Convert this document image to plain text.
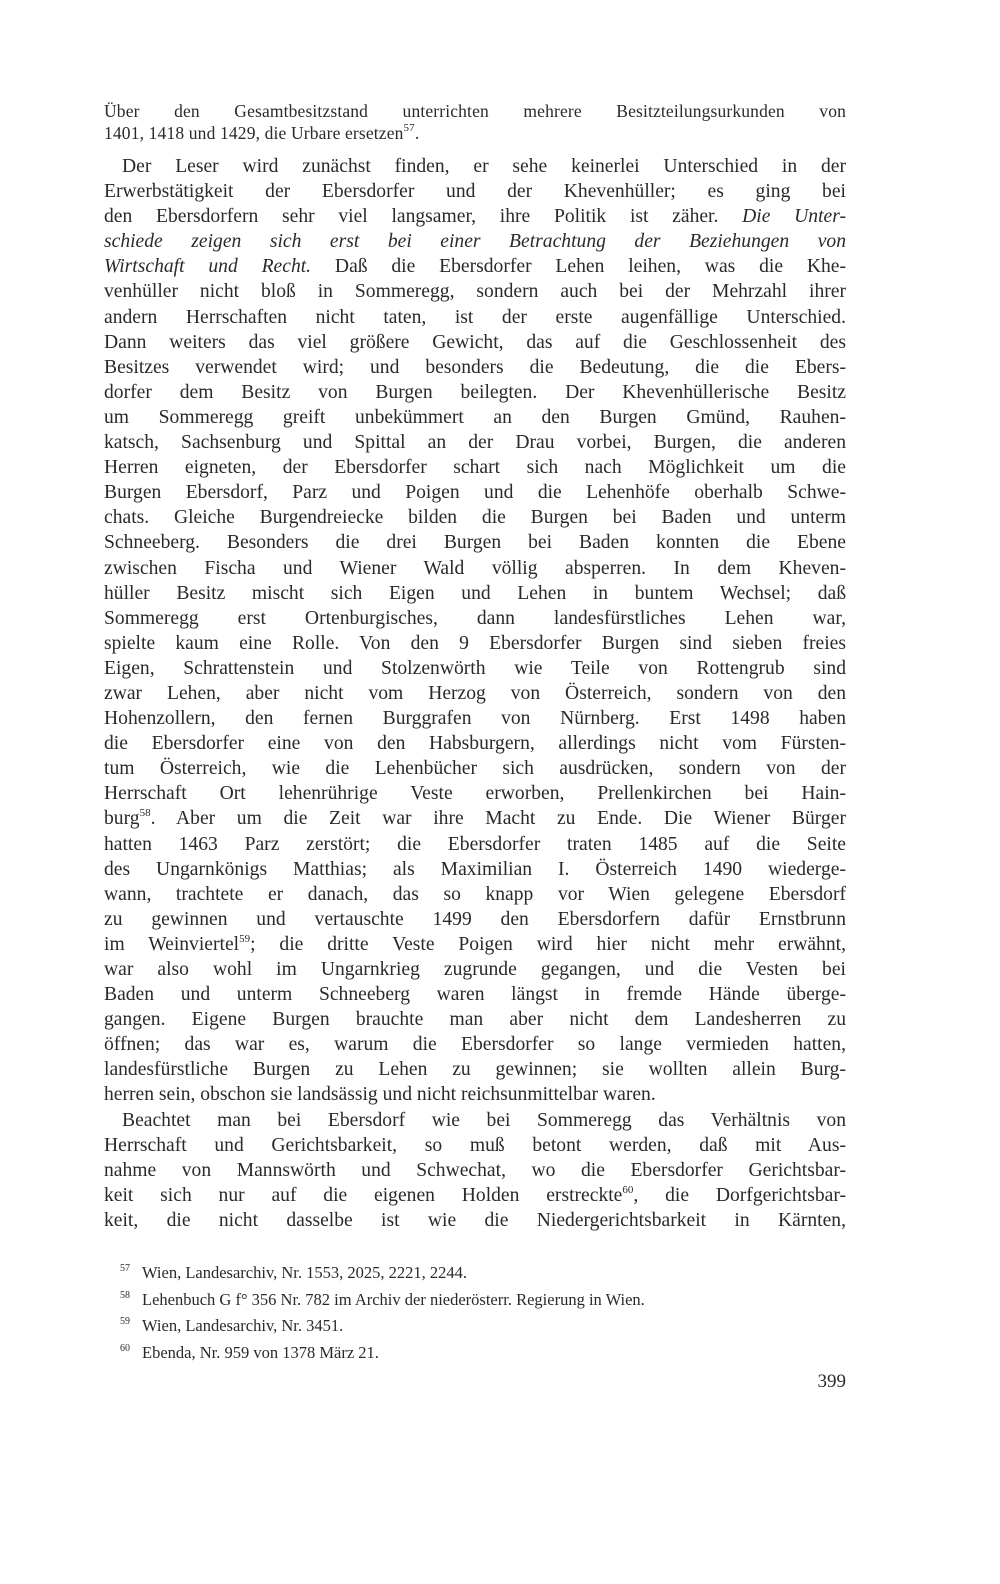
Über den Gesamtbesitzstand unterrichten mehrere Besitzteilungsurkunden von
1401, 1418 und 1429, die Urbare ersetzen$^{57}$.
Der Leser wird zunächst finden, er sehe keinerlei Unterschied in der
Erwerbstätigkeit der Ebersdorfer und der Khevenhüller; es ging bei
den Ebersdorfern sehr viel langsamer, ihre Politik ist zäher. Die Unter-
schiede zeigen sich erst bei einer Betrachtung der Beziehungen von
Wirtschaft und Recht. Daß die Ebersdorfer Lehen leihen, was die Khe-
venhüller nicht bloß in Sommeregg, sondern auch bei der Mehrzahl ihrer
andern Herrschaften nicht taten, ist der erste augenfällige Unterschied.
Dann weiters das viel größere Gewicht, das auf die Geschlossenheit des
Besitzes verwendet wird; und besonders die Bedeutung, die die Ebers-
dorfer dem Besitz von Burgen beilegten. Der Khevenhüllerische Besitz
um Sommeregg greift unbekümmert an den Burgen Gmünd, Rauhen-
katsch, Sachsenburg und Spittal an der Drau vorbei, Burgen, die anderen
Herren eigneten, der Ebersdorfer schart sich nach Möglichkeit um die
Burgen Ebersdorf, Parz und Poigen und die Lehenhöfe oberhalb Schwe-
chats. Gleiche Burgendreiecke bilden die Burgen bei Baden und unterm
Schneeberg. Besonders die drei Burgen bei Baden konnten die Ebene
zwischen Fischa und Wiener Wald völlig absperren. In dem Kheven-
hüller Besitz mischt sich Eigen und Lehen in buntem Wechsel; daß
Sommeregg erst Ortenburgisches, dann landesfürstliches Lehen war,
spielte kaum eine Rolle. Von den 9 Ebersdorfer Burgen sind sieben freies
Eigen, Schrattenstein und Stolzenwörth wie Teile von Rottengrub sind
zwar Lehen, aber nicht vom Herzog von Österreich, sondern von den
Hohenzollern, den fernen Burggrafen von Nürnberg. Erst 1498 haben
die Ebersdorfer eine von den Habsburgern, allerdings nicht vom Fürsten-
tum Österreich, wie die Lehenbücher sich ausdrücken, sondern von der
Herrschaft Ort lehenrührige Veste erworben, Prellenkirchen bei Hain-
burg$^{58}$. Aber um die Zeit war ihre Macht zu Ende. Die Wiener Bürger
hatten 1463 Parz zerstört; die Ebersdorfer traten 1485 auf die Seite
des Ungarnkönigs Matthias; als Maximilian I. Österreich 1490 wiederge-
wann, trachtete er danach, das so knapp vor Wien gelegene Ebersdorf
zu gewinnen und vertauschte 1499 den Ebersdorfern dafür Ernstbrunn
im Weinviertel$^{59}$; die dritte Veste Poigen wird hier nicht mehr erwähnt,
war also wohl im Ungarnkrieg zugrunde gegangen, und die Vesten bei
Baden und unterm Schneeberg waren längst in fremde Hände überge-
gangen. Eigene Burgen brauchte man aber nicht dem Landesherren zu
öffnen; das war es, warum die Ebersdorfer so lange vermieden hatten,
landesfürstliche Burgen zu Lehen zu gewinnen; sie wollten allein Burg-
herren sein, obschon sie landsässig und nicht reichsunmittelbar waren.
Beachtet man bei Ebersdorf wie bei Sommeregg das Verhältnis von
Herrschaft und Gerichtsbarkeit, so muß betont werden, daß mit Aus-
nahme von Mannswörth und Schwechat, wo die Ebersdorfer Gerichtsbar-
keit sich nur auf die eigenen Holden erstreckte$^{60}$, die Dorfgerichtsbar-
keit, die nicht dasselbe ist wie die Niedergerichtsbarkeit in Kärnten,
$^{57}$ Wien, Landesarchiv, Nr. 1553, 2025, 2221, 2244.
$^{58}$ Lehenbuch G f° 356 Nr. 782 im Archiv der niederösterr. Regierung in Wien.
$^{59}$ Wien, Landesarchiv, Nr. 3451.
$^{60}$ Ebenda, Nr. 959 von 1378 März 21.
399
